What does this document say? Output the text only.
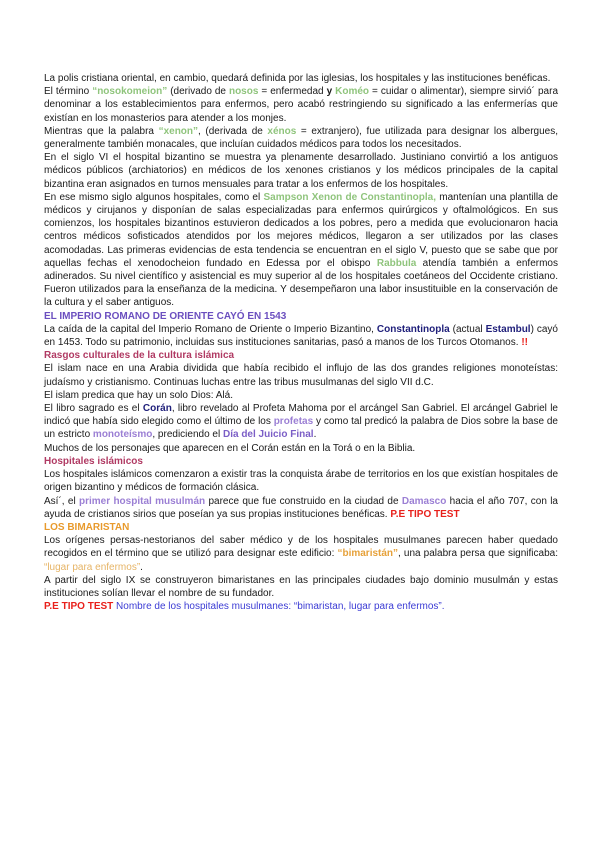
La polis cristiana oriental, en cambio, quedará definida por las iglesias, los hospitales y las instituciones benéficas.

El término “nosokomeion” (derivado de nosos = enfermedad y Koméo = cuidar o alimentar), siempre sirvió´ para denominar a los establecimientos para enfermos, pero acabó restringiendo su significado a las enfermerías que existían en los monasterios para atender a los monjes.

Mientras que la palabra “xenon”, (derivada de xénos = extranjero), fue utilizada para designar los albergues, generalmente también monacales, que incluían cuidados médicos para todos los necesitados.

En el siglo VI el hospital bizantino se muestra ya plenamente desarrollado. Justiniano convirtió a los antiguos médicos públicos (archiatorios) en médicos de los xenones cristianos y los médicos principales de la capital bizantina eran asignados en turnos mensuales para tratar a los enfermos de los hospitales.

En ese mismo siglo algunos hospitales, como el Sampson Xenon de Constantinopla, mantenían una plantilla de médicos y cirujanos y disponían de salas especializadas para enfermos quirúrgicos y oftalmológicos. En sus comienzos, los hospitales bizantinos estuvieron dedicados a los pobres, pero a medida que evolucionaron hacia centros médicos sofisticados atendidos por los mejores médicos, llegaron a ser utilizados por las clases acomodadas. Las primeras evidencias de esta tendencia se encuentran en el siglo V, puesto que se sabe que por aquellas fechas el xenodocheion fundado en Edessa por el obispo Rabbula atendía también a enfermos adinerados. Su nivel científico y asistencial es muy superior al de los hospitales coetáneos del Occidente cristiano. Fueron utilizados para la enseñanza de la medicina. Y desempeñaron una labor insustituible en la conservación de la cultura y el saber antiguos.

EL IMPERIO ROMANO DE ORIENTE CAYÓ EN 1543

La caída de la capital del Imperio Romano de Oriente o Imperio Bizantino, Constantinopla (actual Estambul) cayó en 1453. Todo su patrimonio, incluidas sus instituciones sanitarias, pasó a manos de los Turcos Otomanos. !!

Rasgos culturales de la cultura islámica

El islam nace en una Arabia dividida que había recibido el influjo de las dos grandes religiones monoteístas: judaísmo y cristianismo. Continuas luchas entre las tribus musulmanas del siglo VII d.C.

El islam predica que hay un solo Dios: Alá.

El libro sagrado es el Corán, libro revelado al Profeta Mahoma por el arcángel San Gabriel. El arcángel Gabriel le indicó que había sido elegido como el último de los profetas y como tal predicó la palabra de Dios sobre la base de un estricto monoteísmo, prediciendo el Día del Juicio Final.

Muchos de los personajes que aparecen en el Corán están en la Torá o en la Biblia.

Hospitales islámicos

Los hospitales islámicos comenzaron a existir tras la conquista árabe de territorios en los que existían hospitales de origen bizantino y médicos de formación clásica.

Así´, el primer hospital musulmán parece que fue construido en la ciudad de Damasco hacia el año 707, con la ayuda de cristianos sirios que poseían ya sus propias instituciones benéficas. P.E TIPO TEST

LOS BIMARISTAN

Los orígenes persas-nestorianos del saber médico y de los hospitales musulmanes parecen haber quedado recogidos en el término que se utilizó para designar este edificio: “bimaristán”, una palabra persa que significaba: “lugar para enfermos”.

A partir del siglo IX se construyeron bimaristanes en las principales ciudades bajo dominio musulmán y estas instituciones solían llevar el nombre de su fundador.

P.E TIPO TEST Nombre de los hospitales musulmanes: “bimaristan, lugar para enfermos”.
